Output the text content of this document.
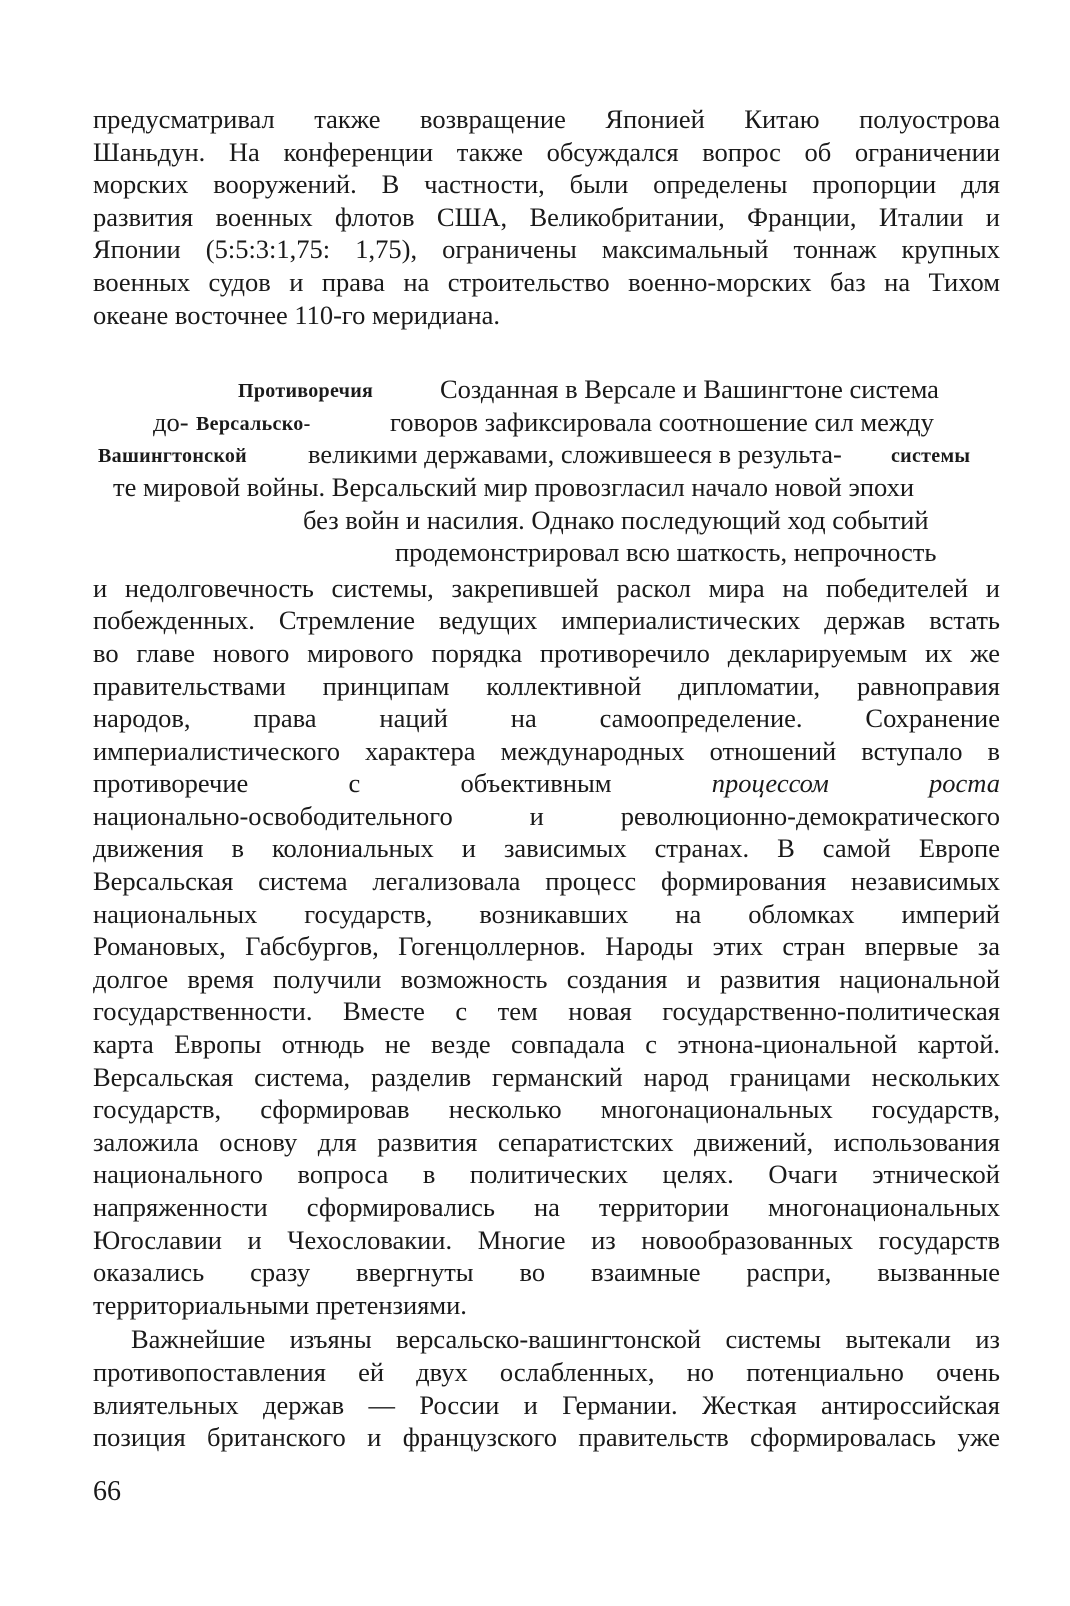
предусматривал также возвращение Японией Китаю полуострова
Шаньдун. На конференции также обсуждался вопрос об ограничении
морских вооружений. В частности, были определены пропорции для
развития военных флотов США, Великобритании, Франции, Италии и
Японии (5:5:3:1,75: 1,75), ограничены максимальный тоннаж крупных
военных судов и права на строительство военно-морских баз на Тихом
океане восточнее 110-го меридиана.
Противоречия	Созданная в Версале и Вашингтоне система
до- Версальско-	говоров зафиксировала соотношение сил между
Вашингтонской великими державами, сложившееся в результа- системы
те мировой войны. Версальский мир провозгласил начало новой эпохи
без войн и насилия. Однако последующий ход событий
продемонстрировал всю шаткость, непрочность
и недолговечность системы, закрепившей раскол мира на победителей и
побежденных. Стремление ведущих империалистических держав встать
во главе нового мирового порядка противоречило декларируемым их же
правительствами принципам коллективной дипломатии, равноправия
народов, права наций на самоопределение. Сохранение
империалистического характера международных отношений вступало в
противоречие	с	объективным	процессом	роста
национально-освободительного и революционно-демократического
движения в колониальных и зависимых странах. В самой Европе
Версальская система легализовала процесс формирования независимых
национальных государств, возникавших на обломках империй
Романовых, Габсбургов, Гогенцоллернов. Народы этих стран впервые за
долгое время получили возможность создания и развития национальной
государственности. Вместе с тем новая государственно-политическая
карта Европы отнюдь не везде совпадала с этнона-циональной картой.
Версальская система, разделив германский народ границами нескольких
государств, сформировав несколько многонациональных государств,
заложила основу для развития сепаратистских движений, использования
национального вопроса в политических целях. Очаги этнической
напряженности сформировались на территории многонациональных
Югославии и Чехословакии. Многие из новообразованных государств
оказались сразу ввергнуты во взаимные распри, вызванные
территориальными претензиями.
Важнейшие изъяны версальско-вашингтонской системы вытекали из
противопоставления ей двух ослабленных, но потенциально очень
влиятельных держав — России и Германии. Жесткая антироссийская
позиция британского и французского правительств сформировалась уже
66
